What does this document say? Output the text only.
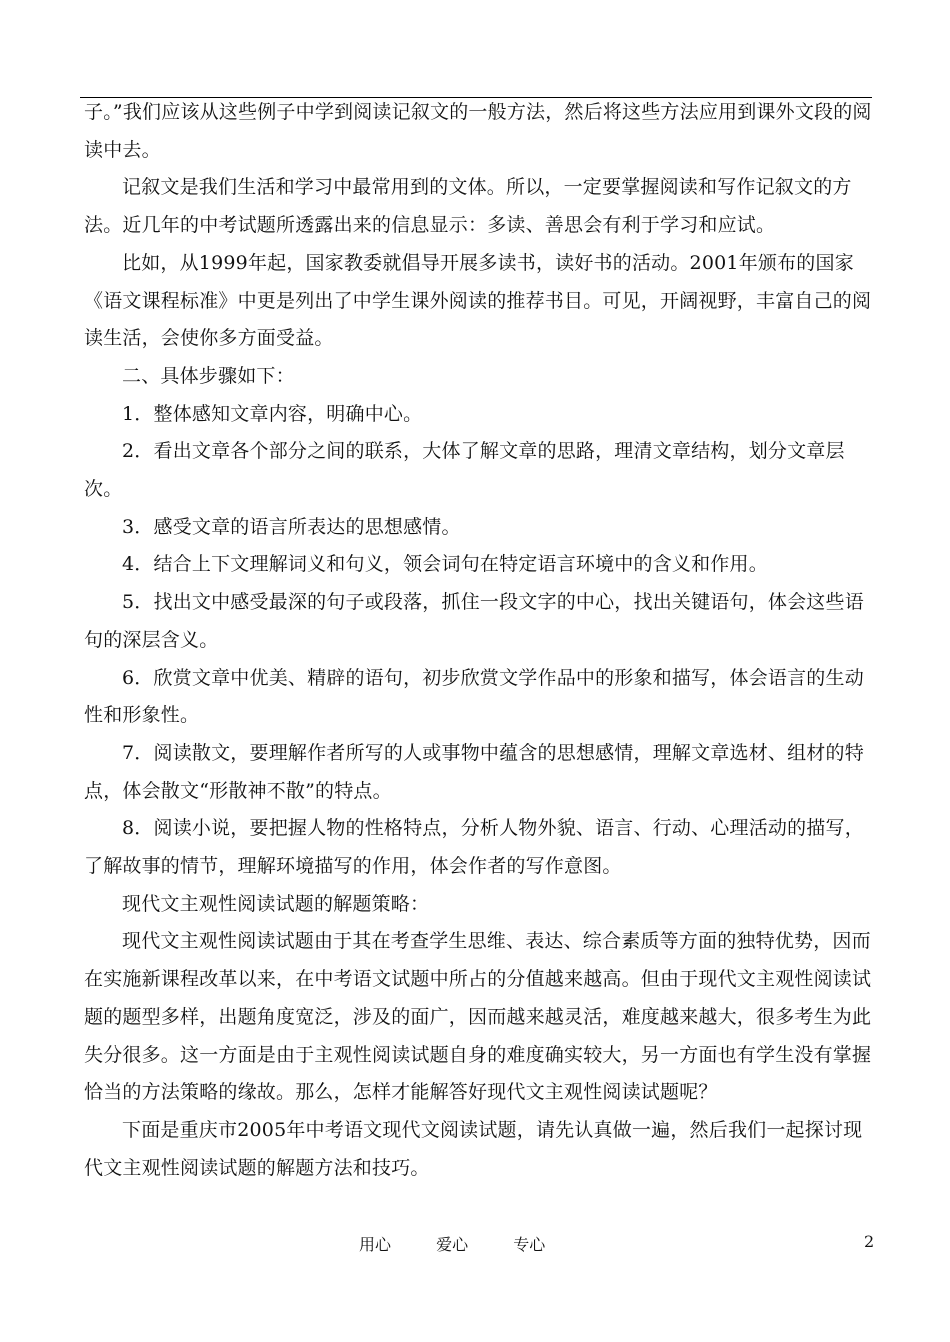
子。”我们应该从这些例子中学到阅读记叙文的一般方法，然后将这些方法应用到课外文段的阅读中去。

记叙文是我们生活和学习中最常用到的文体。所以，一定要掌握阅读和写作记叙文的方法。近几年的中考试题所透露出来的信息显示：多读、善思会有利于学习和应试。

比如，从1999年起，国家教委就倡导开展多读书，读好书的活动。2001年颁布的国家《语文课程标准》中更是列出了中学生课外阅读的推荐书目。可见，开阔视野，丰富自己的阅读生活，会使你多方面受益。

二、具体步骤如下：

1．整体感知文章内容，明确中心。

2．看出文章各个部分之间的联系，大体了解文章的思路，理清文章结构，划分文章层次。

3．感受文章的语言所表达的思想感情。

4．结合上下文理解词义和句义，领会词句在特定语言环境中的含义和作用。

5．找出文中感受最深的句子或段落，抓住一段文字的中心，找出关键语句，体会这些语句的深层含义。

6．欣赏文章中优美、精辟的语句，初步欣赏文学作品中的形象和描写，体会语言的生动性和形象性。

7．阅读散文，要理解作者所写的人或事物中蕴含的思想感情，理解文章选材、组材的特点，体会散文“形散神不散”的特点。

8．阅读小说，要把握人物的性格特点，分析人物外貌、语言、行动、心理活动的描写，了解故事的情节，理解环境描写的作用，体会作者的写作意图。

现代文主观性阅读试题的解题策略：

现代文主观性阅读试题由于其在考查学生思维、表达、综合素质等方面的独特优势，因而在实施新课程改革以来，在中考语文试题中所占的分值越来越高。但由于现代文主观性阅读试题的题型多样，出题角度宽泛，涉及的面广，因而越来越灵活，难度越来越大，很多考生为此失分很多。这一方面是由于主观性阅读试题自身的难度确实较大，另一方面也有学生没有掌握恰当的方法策略的缘故。那么，怎样才能解答好现代文主观性阅读试题呢？

下面是重庆市2005年中考语文现代文阅读试题，请先认真做一遍，然后我们一起探讨现代文主观性阅读试题的解题方法和技巧。

用心	爱心	专心	2
